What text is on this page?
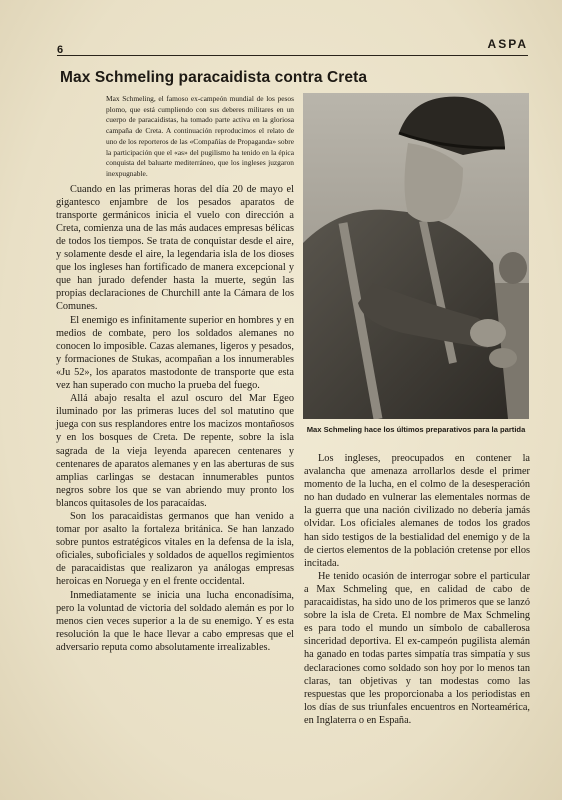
6	ASPA
Max Schmeling paracaidista contra Creta

Max Schmeling, el famoso ex-campeón mundial de los pesos plomo, que está cumpliendo con sus deberes militares en un cuerpo de paracaidistas, ha tomado parte activa en la gloriosa campaña de Creta. A continuación reproducimos el relato de uno de los reporteros de las «Compañías de Propaganda» sobre la participación que el «as» del pugilismo ha tenido en la épica conquista del baluarte mediterráneo, que los ingleses juzgaron inexpugnable.

Cuando en las primeras horas del día 20 de mayo el gigantesco enjambre de los pesados aparatos de transporte germánicos inicia el vuelo con dirección a Creta, comienza una de las más audaces empresas bélicas de todos los tiempos. Se trata de conquistar desde el aire, y solamente desde el aire, la legendaria isla de los dioses que los ingleses han fortificado de manera excepcional y que han jurado defender hasta la muerte, según las propias declaraciones de Churchill ante la Cámara de los Comunes.

El enemigo es infinitamente superior en hombres y en medios de combate, pero los soldados alemanes no conocen lo imposible. Cazas alemanes, ligeros y pesados, y formaciones de Stukas, acompañan a los innumerables «Ju 52», los aparatos mastodonte de transporte que esta vez han superado con mucho la prueba del fuego.

Allá abajo resalta el azul oscuro del Mar Egeo iluminado por las primeras luces del sol matutino que juega con sus resplandores entre los macizos montañosos y en los bosques de Creta. De repente, sobre la isla sagrada de la vieja leyenda aparecen centenares y centenares de aparatos alemanes y en las aberturas de sus amplias carlingas se destacan innumerables puntos negros sobre los que se van abriendo muy pronto los blancos quitasoles de los paracaídas.

Son los paracaidistas germanos que han venido a tomar por asalto la fortaleza británica. Se han lanzado sobre puntos estratégicos vitales en la defensa de la isla, oficiales, suboficiales y soldados de aquellos regimientos de paracaidistas que realizaron ya análogas empresas heroicas en Noruega y en el frente occidental.

Inmediatamente se inicia una lucha enconadísima, pero la voluntad de victoria del soldado alemán es por lo menos cien veces superior a la de su enemigo. Y es esta resolución la que le hace llevar a cabo empresas que el adversario reputa como absolutamente irrealizables.

Max Schmeling hace los últimos preparativos para la partida

Los ingleses, preocupados en contener la avalancha que amenaza arrollarlos desde el primer momento de la lucha, en el colmo de la desesperación no han dudado en vulnerar las elementales normas de la guerra que una nación civilizado no debería jamás olvidar. Los oficiales alemanes de todos los grados han sido testigos de la bestialidad del enemigo y de la de ciertos elementos de la población cretense por ellos incitada.

He tenido ocasión de interrogar sobre el particular a Max Schmeling que, en calidad de cabo de paracaidistas, ha sido uno de los primeros que se lanzó sobre la isla de Creta. El nombre de Max Schmeling es para todo el mundo un símbolo de caballerosa sinceridad deportiva. El ex-campeón pugilista alemán ha ganado en todas partes simpatía tras simpatía y sus declaraciones como soldado son hoy por lo menos tan claras, tan objetivas y tan modestas como las respuestas que les proporcionaba a los periodistas en los días de sus triunfales encuentros en Norteamérica, en Inglaterra o en España.
